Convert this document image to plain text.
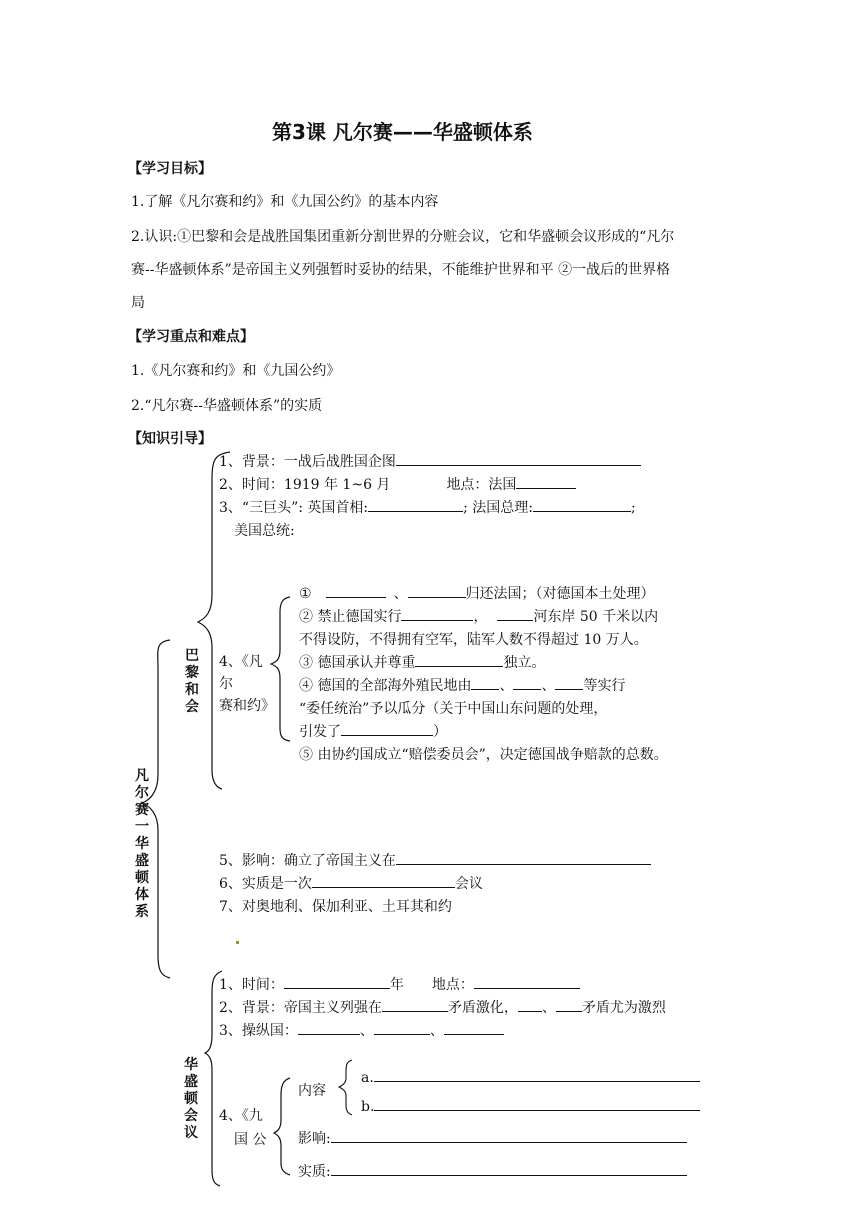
第3课 凡尔赛——华盛顿体系
【学习目标】
1.了解《凡尔赛和约》和《九国公约》的基本内容
2.认识:①巴黎和会是战胜国集团重新分割世界的分赃会议，它和华盛顿会议形成的“凡尔
赛--华盛顿体系”是帝国主义列强暂时妥协的结果，不能维护世界和平 ②一战后的世界格
局
【学习重点和难点】
1.《凡尔赛和约》和《九国公约》
2.“凡尔赛--华盛顿体系”的实质
【知识引导】
凡尔赛一华盛顿体系
巴黎和会
华盛顿会议
1、背景：一战后战胜国企图
2、时间：1919 年 1~6 月	地点：法国
3、“三巨头”: 英国首相:	; 法国总理:	;
美国总统:
4、《凡
尔
赛和约》
①	、	归还法国；（对德国本土处理）
② 禁止德国实行	，	河东岸 50 千米以内
不得设防，不得拥有空军，陆军人数不得超过 10 万人。
③ 德国承认并尊重	独立。
④ 德国的全部海外殖民地由 、 、 等实行
“委任统治”予以瓜分（关于中国山东问题的处理，
引发了	）
⑤ 由协约国成立“赔偿委员会”，决定德国战争赔款的总数。
5、影响：确立了帝国主义在
6、实质是一次	会议
7、对奥地利、保加利亚、土耳其和约
1、时间：	年 地点：
2、背景：帝国主义列强在	矛盾激化， 、 矛盾尤为激烈
3、操纵国：	、	、
4、《九
国 公
内容
a.
b.
影响:
实质:
